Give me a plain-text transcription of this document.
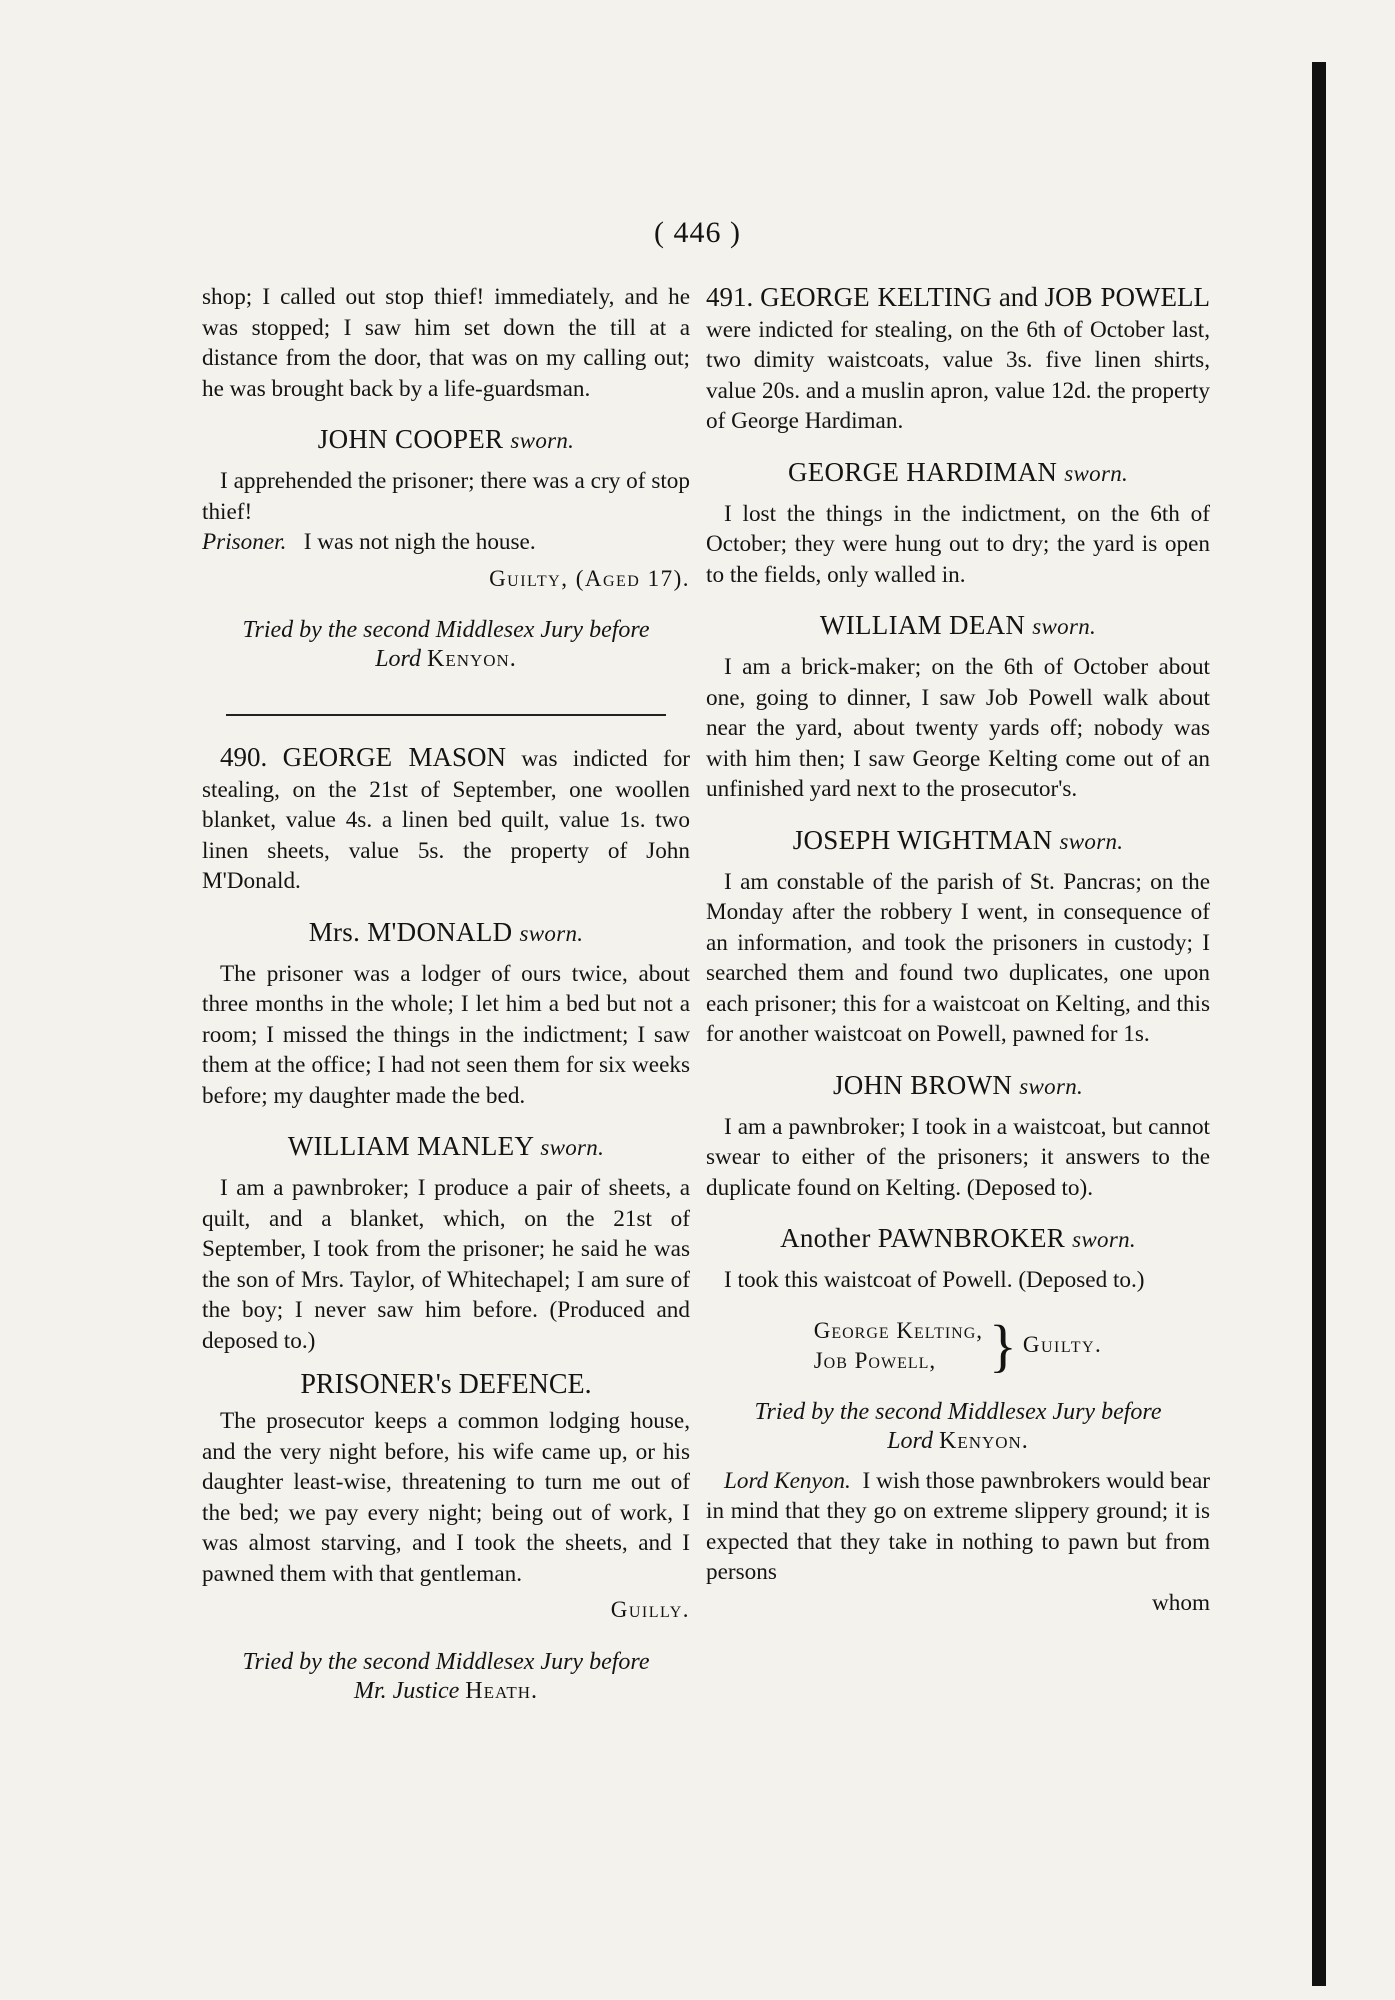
( 446 )

shop; I called out stop thief! immediately, and he was stopped; I saw him set down the till at a distance from the door, that was on my calling out; he was brought back by a life-guardsman.

JOHN COOPER sworn.

I apprehended the prisoner; there was a cry of stop thief!

Prisoner. I was not nigh the house.

Guilty, (Aged 17).
Tried by the second Middlesex Jury before
Lord Kenyon.

490. GEORGE MASON was indicted for stealing, on the 21st of September, one woollen blanket, value 4s. a linen bed quilt, value 1s. two linen sheets, value 5s. the property of John M'Donald.

Mrs. M'DONALD sworn.

The prisoner was a lodger of ours twice, about three months in the whole; I let him a bed but not a room; I missed the things in the indictment; I saw them at the office; I had not seen them for six weeks before; my daughter made the bed.

WILLIAM MANLEY sworn.

I am a pawnbroker; I produce a pair of sheets, a quilt, and a blanket, which, on the 21st of September, I took from the prisoner; he said he was the son of Mrs. Taylor, of Whitechapel; I am sure of the boy; I never saw him before. (Produced and deposed to.)

PRISONER's DEFENCE.

The prosecutor keeps a common lodging house, and the very night before, his wife came up, or his daughter least-wise, threatening to turn me out of the bed; we pay every night; being out of work, I was almost starving, and I took the sheets, and I pawned them with that gentleman.

Guilly.
Tried by the second Middlesex Jury before
Mr. Justice Heath.

491. GEORGE KELTING and JOB POWELL were indicted for stealing, on the 6th of October last, two dimity waistcoats, value 3s. five linen shirts, value 20s. and a muslin apron, value 12d. the property of George Hardiman.

GEORGE HARDIMAN sworn.

I lost the things in the indictment, on the 6th of October; they were hung out to dry; the yard is open to the fields, only walled in.

WILLIAM DEAN sworn.

I am a brick-maker; on the 6th of October about one, going to dinner, I saw Job Powell walk about near the yard, about twenty yards off; nobody was with him then; I saw George Kelting come out of an unfinished yard next to the prosecutor's.

JOSEPH WIGHTMAN sworn.

I am constable of the parish of St. Pancras; on the Monday after the robbery I went, in consequence of an information, and took the prisoners in custody; I searched them and found two duplicates, one upon each prisoner; this for a waistcoat on Kelting, and this for another waistcoat on Powell, pawned for 1s.

JOHN BROWN sworn.

I am a pawnbroker; I took in a waistcoat, but cannot swear to either of the prisoners; it answers to the duplicate found on Kelting. (Deposed to).

Another PAWNBROKER sworn.

I took this waistcoat of Powell. (Deposed to.)

George Kelting,
Job Powell, } Guilty.
Tried by the second Middlesex Jury before
Lord Kenyon.

Lord Kenyon. I wish those pawnbrokers would bear in mind that they go on extreme slippery ground; it is expected that they take in nothing to pawn but from persons

whom
